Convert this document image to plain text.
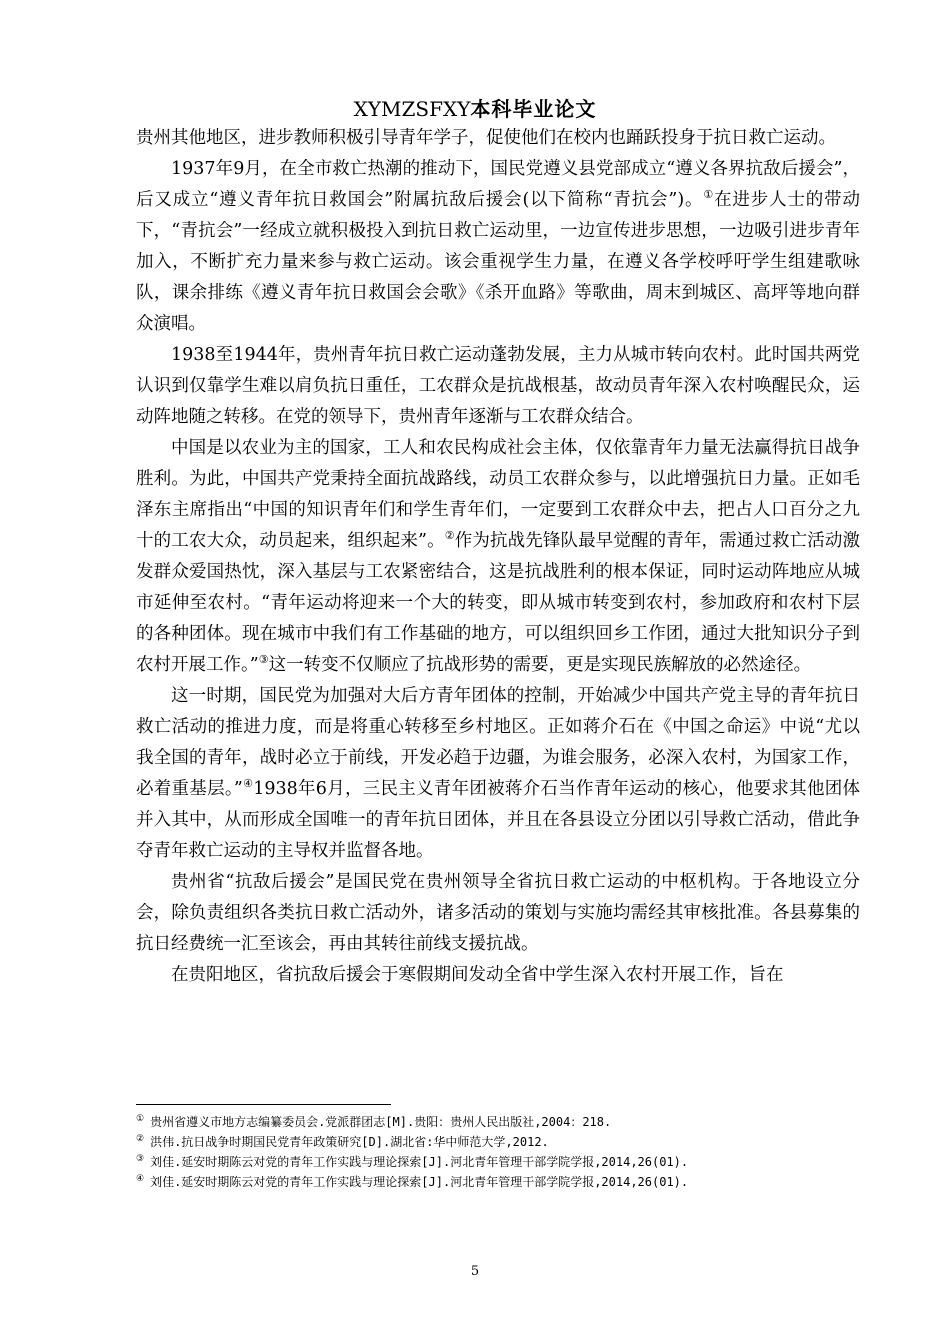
XYMZSFXY本科毕业论文

贵州其他地区，进步教师积极引导青年学子，促使他们在校内也踊跃投身于抗日救亡运动。

1937年9月，在全市救亡热潮的推动下，国民党遵义县党部成立“遵义各界抗敌后援会”，后又成立“遵义青年抗日救国会”附属抗敌后援会(以下简称“青抗会”)。①在进步人士的带动下，“青抗会”一经成立就积极投入到抗日救亡运动里，一边宣传进步思想，一边吸引进步青年加入，不断扩充力量来参与救亡运动。该会重视学生力量，在遵义各学校呼吁学生组建歌咏队，课余排练《遵义青年抗日救国会会歌》《杀开血路》等歌曲，周末到城区、高坪等地向群众演唱。

1938至1944年，贵州青年抗日救亡运动蓬勃发展，主力从城市转向农村。此时国共两党认识到仅靠学生难以肩负抗日重任，工农群众是抗战根基，故动员青年深入农村唤醒民众，运动阵地随之转移。在党的领导下，贵州青年逐渐与工农群众结合。

中国是以农业为主的国家，工人和农民构成社会主体，仅依靠青年力量无法赢得抗日战争胜利。为此，中国共产党秉持全面抗战路线，动员工农群众参与，以此增强抗日力量。正如毛泽东主席指出“中国的知识青年们和学生青年们，一定要到工农群众中去，把占人口百分之九十的工农大众，动员起来，组织起来”。②作为抗战先锋队最早觉醒的青年，需通过救亡活动激发群众爱国热忱，深入基层与工农紧密结合，这是抗战胜利的根本保证，同时运动阵地应从城市延伸至农村。“青年运动将迎来一个大的转变，即从城市转变到农村，参加政府和农村下层的各种团体。现在城市中我们有工作基础的地方，可以组织回乡工作团，通过大批知识分子到农村开展工作。”③这一转变不仅顺应了抗战形势的需要，更是实现民族解放的必然途径。

这一时期，国民党为加强对大后方青年团体的控制，开始减少中国共产党主导的青年抗日救亡活动的推进力度，而是将重心转移至乡村地区。正如蒋介石在《中国之命运》中说“尤以我全国的青年，战时必立于前线，开发必趋于边疆，为谁会服务，必深入农村，为国家工作，必着重基层。”④1938年6月，三民主义青年团被蒋介石当作青年运动的核心，他要求其他团体并入其中，从而形成全国唯一的青年抗日团体，并且在各县设立分团以引导救亡活动，借此争夺青年救亡运动的主导权并监督各地。

贵州省“抗敌后援会”是国民党在贵州领导全省抗日救亡运动的中枢机构。于各地设立分会，除负责组织各类抗日救亡活动外，诸多活动的策划与实施均需经其审核批准。各县募集的抗日经费统一汇至该会，再由其转往前线支援抗战。

在贵阳地区，省抗敌后援会于寒假期间发动全省中学生深入农村开展工作，旨在

① 贵州省遵义市地方志编纂委员会.党派群团志[M].贵阳：贵州人民出版社,2004：218.
② 洪伟.抗日战争时期国民党青年政策研究[D].湖北省:华中师范大学,2012.
③ 刘佳.延安时期陈云对党的青年工作实践与理论探索[J].河北青年管理干部学院学报,2014,26(01).
④ 刘佳.延安时期陈云对党的青年工作实践与理论探索[J].河北青年管理干部学院学报,2014,26(01).
5
